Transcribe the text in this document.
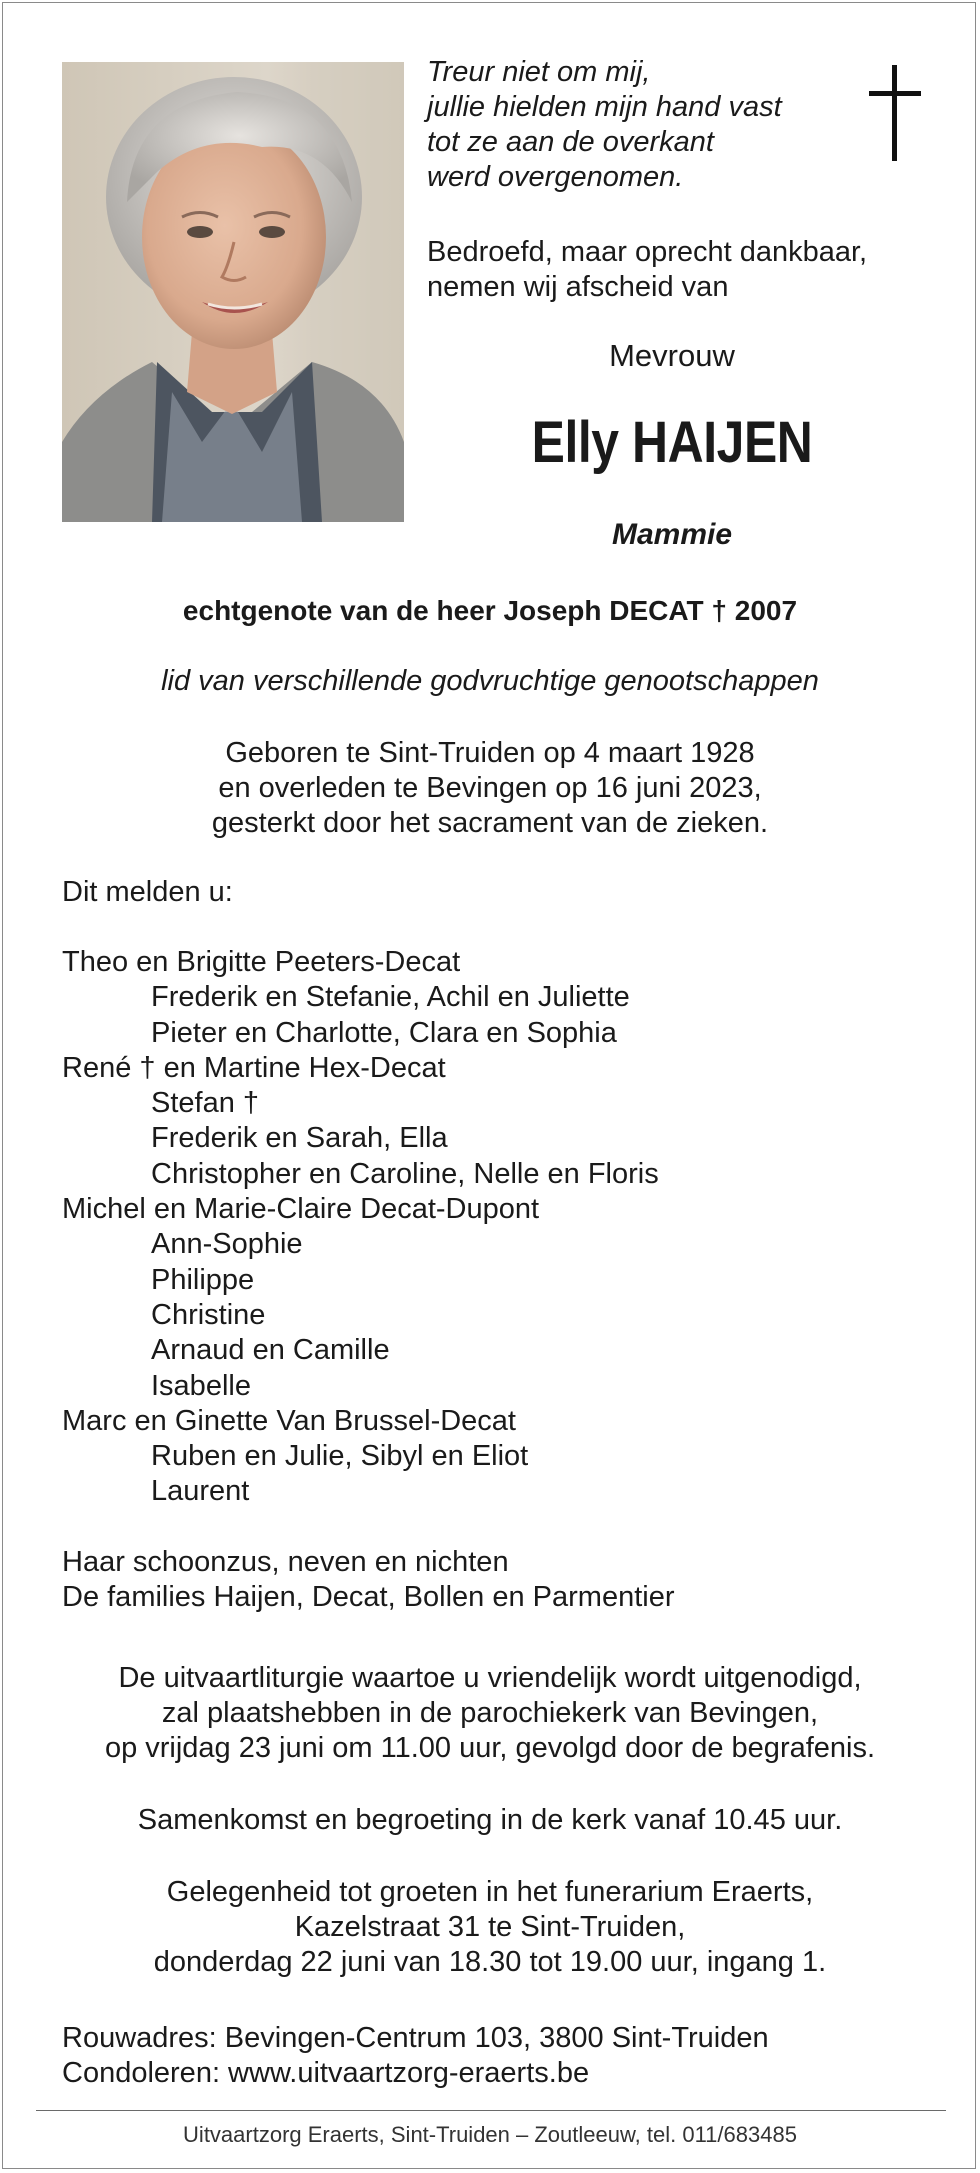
Treur niet om mij,
jullie hielden mijn hand vast
tot ze aan de overkant
werd overgenomen.

Bedroefd, maar oprecht dankbaar,
nemen wij afscheid van

Mevrouw

Elly HAIJEN

Mammie

echtgenote van de heer Joseph DECAT † 2007

lid van verschillende godvruchtige genootschappen

Geboren te Sint-Truiden op 4 maart 1928
en overleden te Bevingen op 16 juni 2023,
gesterkt door het sacrament van de zieken.

Dit melden u:

Theo en Brigitte Peeters-Decat
Frederik en Stefanie, Achil en Juliette
Pieter en Charlotte, Clara en Sophia
René † en Martine Hex-Decat
Stefan †
Frederik en Sarah, Ella
Christopher en Caroline, Nelle en Floris
Michel en Marie-Claire Decat-Dupont
Ann-Sophie
Philippe
Christine
Arnaud en Camille
Isabelle
Marc en Ginette Van Brussel-Decat
Ruben en Julie, Sibyl en Eliot
Laurent

Haar schoonzus, neven en nichten
De families Haijen, Decat, Bollen en Parmentier

De uitvaartliturgie waartoe u vriendelijk wordt uitgenodigd,
zal plaatshebben in de parochiekerk van Bevingen,
op vrijdag 23 juni om 11.00 uur, gevolgd door de begrafenis.

Samenkomst en begroeting in de kerk vanaf 10.45 uur.

Gelegenheid tot groeten in het funerarium Eraerts,
Kazelstraat 31 te Sint-Truiden,
donderdag 22 juni van 18.30 tot 19.00 uur, ingang 1.

Rouwadres: Bevingen-Centrum 103, 3800 Sint-Truiden
Condoleren: www.uitvaartzorg-eraerts.be

Uitvaartzorg Eraerts, Sint-Truiden – Zoutleeuw, tel. 011/683485
